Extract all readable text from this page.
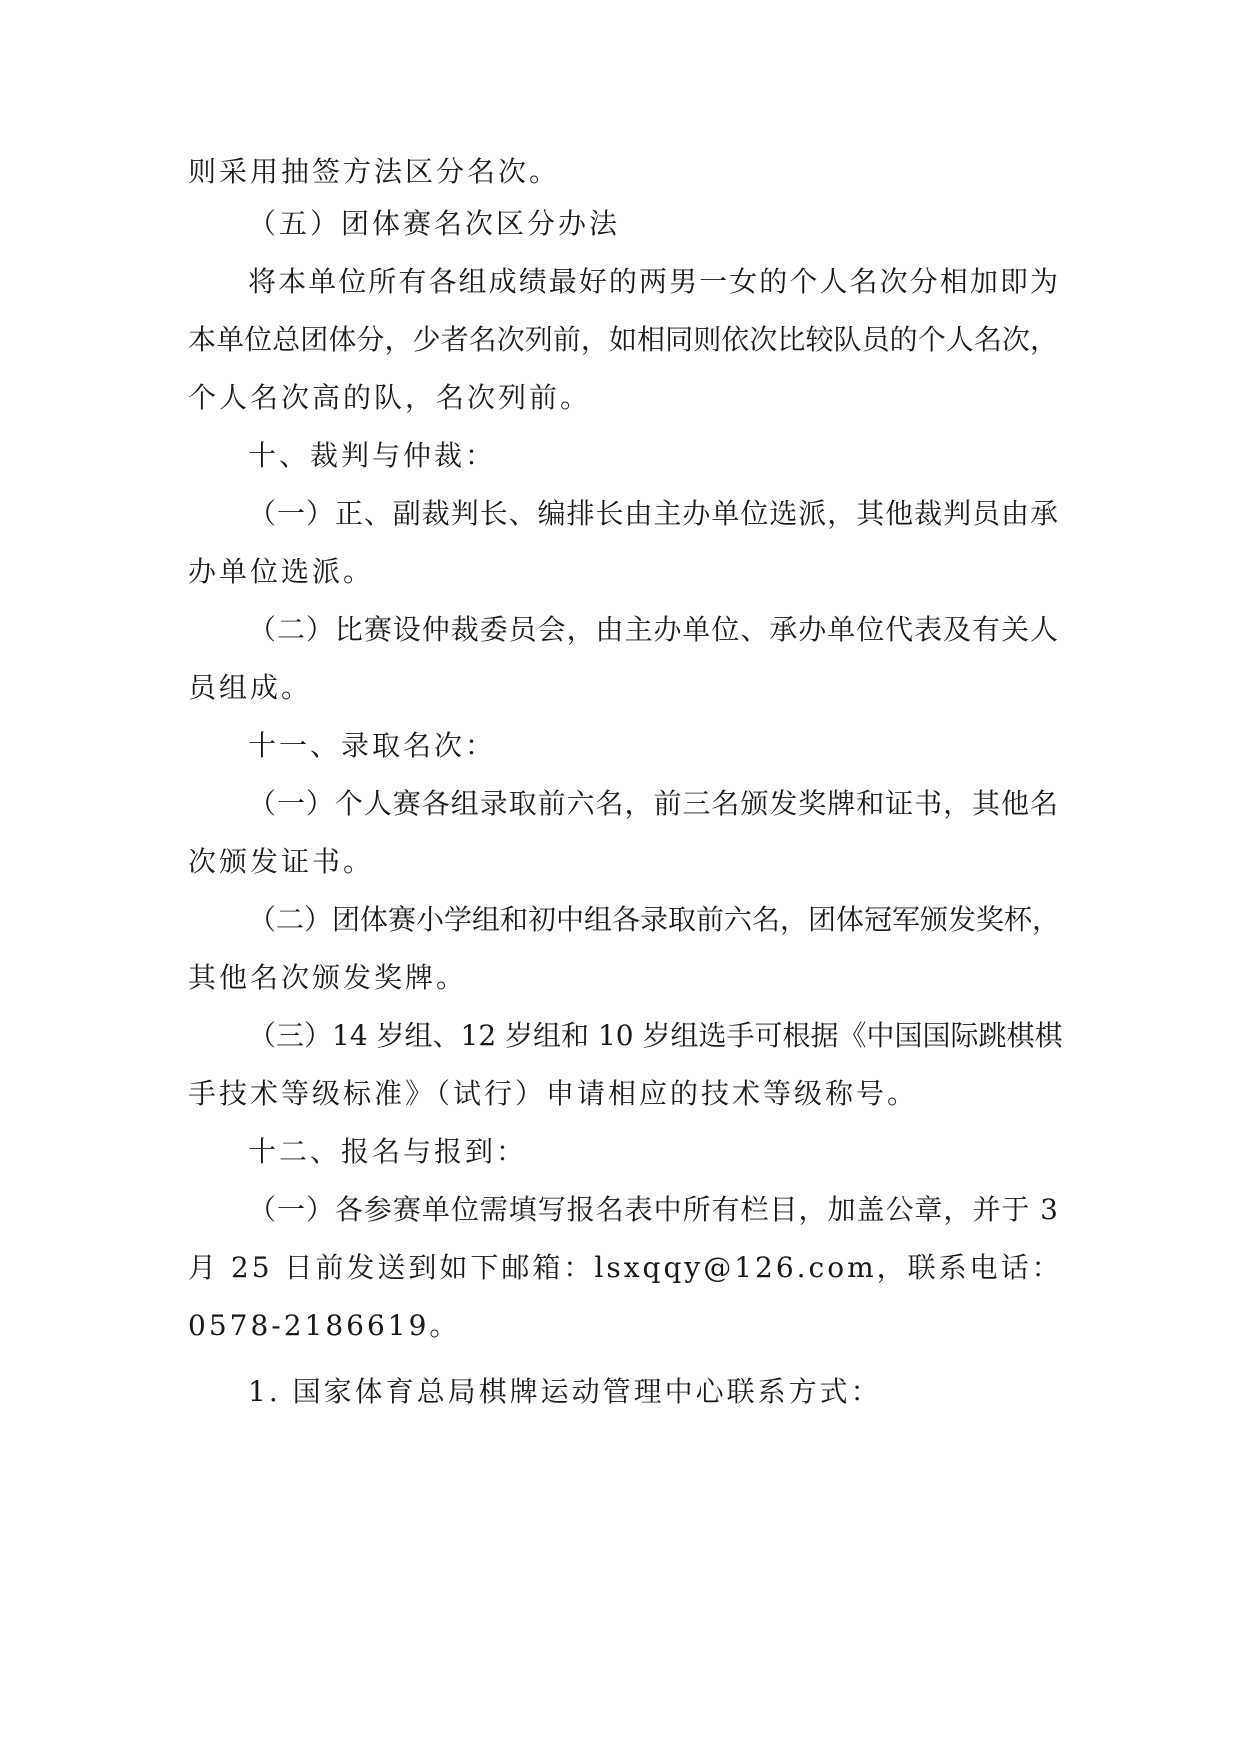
则采用抽签方法区分名次。
（五）团体赛名次区分办法
将本单位所有各组成绩最好的两男一女的个人名次分相加即为
本单位总团体分，少者名次列前，如相同则依次比较队员的个人名次，
个人名次高的队，名次列前。
十、裁判与仲裁：
（一）正、副裁判长、编排长由主办单位选派，其他裁判员由承
办单位选派。
（二）比赛设仲裁委员会，由主办单位、承办单位代表及有关人
员组成。
十一、录取名次：
（一）个人赛各组录取前六名，前三名颁发奖牌和证书，其他名
次颁发证书。
（二）团体赛小学组和初中组各录取前六名，团体冠军颁发奖杯，
其他名次颁发奖牌。
（三）14 岁组、12 岁组和 10 岁组选手可根据《中国国际跳棋棋
手技术等级标准》（试行）申请相应的技术等级称号。
十二、报名与报到：
（一）各参赛单位需填写报名表中所有栏目，加盖公章，并于 3
月 25 日前发送到如下邮箱：lsxqqy@126.com，联系电话：
0578-2186619。
1. 国家体育总局棋牌运动管理中心联系方式：
